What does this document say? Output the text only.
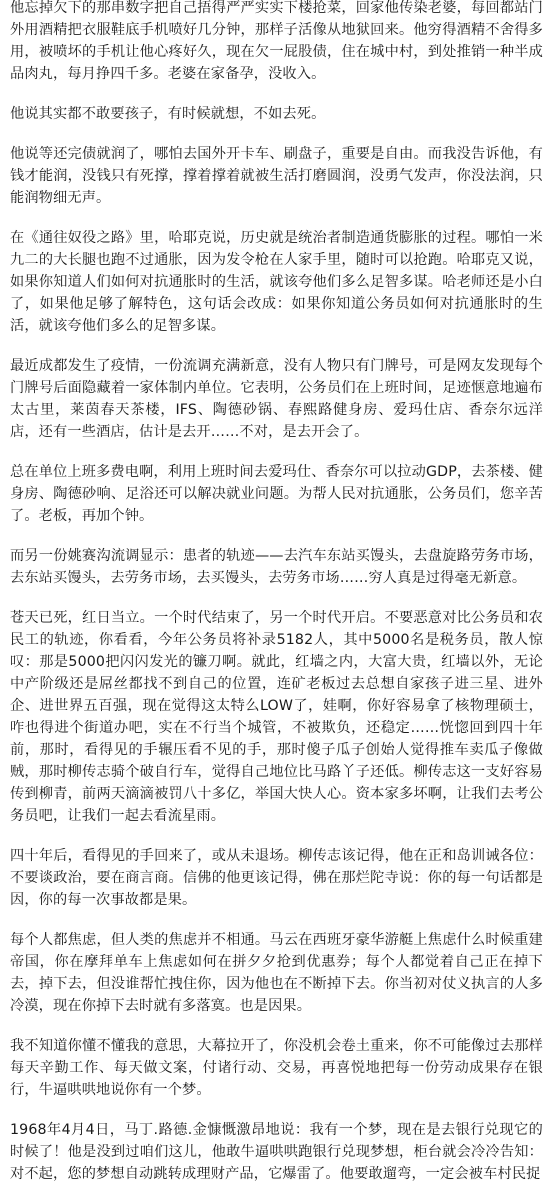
他忘掉欠下的那串数字把自己捂得严严实实下楼抢菜，回家他传染老婆，每回都站门外用酒精把衣服鞋底手机喷好几分钟，那样子活像从地狱回来。他穷得酒精不舍得多用，被喷坏的手机让他心疼好久，现在欠一屁股债，住在城中村，到处推销一种半成品肉丸，每月挣四千多。老婆在家备孕，没收入。

他说其实都不敢要孩子，有时候就想，不如去死。

他说等还完债就润了，哪怕去国外开卡车、刷盘子，重要是自由。而我没告诉他，有钱才能润，没钱只有死撑，撑着撑着就被生活打磨圆润，没勇气发声，你没法润，只能润物细无声。

在《通往奴役之路》里，哈耶克说，历史就是统治者制造通货膨胀的过程。哪怕一米九二的大长腿也跑不过通胀，因为发令枪在人家手里，随时可以抢跑。哈耶克又说，如果你知道人们如何对抗通胀时的生活，就该夸他们多么足智多谋。哈老师还是小白了，如果他足够了解特色，这句话会改成：如果你知道公务员如何对抗通胀时的生活，就该夸他们多么的足智多谋。

最近成都发生了疫情，一份流调充满新意，没有人物只有门牌号，可是网友发现每个门牌号后面隐藏着一家体制内单位。它表明，公务员们在上班时间，足迹惬意地遍布太古里，莱茵春天茶楼，IFS、陶德砂锅、春熙路健身房、爱玛仕店、香奈尔远洋店，还有一些酒店，估计是去开……不对，是去开会了。

总在单位上班多费电啊，利用上班时间去爱玛仕、香奈尔可以拉动GDP，去茶楼、健身房、陶德砂响、足浴还可以解决就业问题。为帮人民对抗通胀，公务员们，您辛苦了。老板，再加个钟。

而另一份姚赛沟流调显示：患者的轨迹——去汽车东站买馒头，去盘旋路劳务市场，去东站买馒头，去劳务市场，去买馒头，去劳务市场……穷人真是过得毫无新意。

苍天已死，红日当立。一个时代结束了，另一个时代开启。不要恶意对比公务员和农民工的轨迹，你看看，今年公务员将补录5182人，其中5000名是税务员，散人惊叹：那是5000把闪闪发光的镰刀啊。就此，红墙之内，大富大贵，红墙以外，无论中产阶级还是屌丝都找不到自己的位置，连矿老板过去总想自家孩子进三星、进外企、进世界五百强，现在觉得这太特么LOW了，娃啊，你好容易拿了核物理硕士，咋也得进个街道办吧，实在不行当个城管，不被欺负，还稳定……恍惚回到四十年前，那时，看得见的手辗压看不见的手，那时傻子瓜子创始人觉得推车卖瓜子像做贼，那时柳传志骑个破自行车，觉得自己地位比马路丫子还低。柳传志这一支好容易传到柳青，前两天滴滴被罚八十多亿，举国大快人心。资本家多坏啊，让我们去考公务员吧，让我们一起去看流星雨。

四十年后，看得见的手回来了，或从未退场。柳传志该记得，他在正和岛训诫各位：不要谈政治，要在商言商。信佛的他更该记得，佛在那烂陀寺说：你的每一句话都是因，你的每一次事故都是果。

每个人都焦虑，但人类的焦虑并不相通。马云在西班牙豪华游艇上焦虑什么时候重建帝国，你在摩拜单车上焦虑如何在拼夕夕抢到优惠券；每个人都觉着自己正在掉下去，掉下去，但没谁帮忙拽住你，因为他也在不断掉下去。你当初对仗义执言的人多冷漠，现在你掉下去时就有多落寞。也是因果。

我不知道你懂不懂我的意思，大幕拉开了，你没机会卷土重来，你不可能像过去那样每天辛勤工作、每天做文案，付诸行动、交易，再喜悦地把每一份劳动成果存在银行，牛逼哄哄地说你有一个梦。

1968年4月4日，马丁.路德.金慷慨激昂地说：我有一个梦，现在是去银行兑现它的时候了！他是没到过咱们这儿，他敢牛逼哄哄跑银行兑现梦想，柜台就会冷冷告知：对不起，您的梦想自动跳转成理财产品，它爆雷了。他要敢遛弯，一定会被车村民捉
